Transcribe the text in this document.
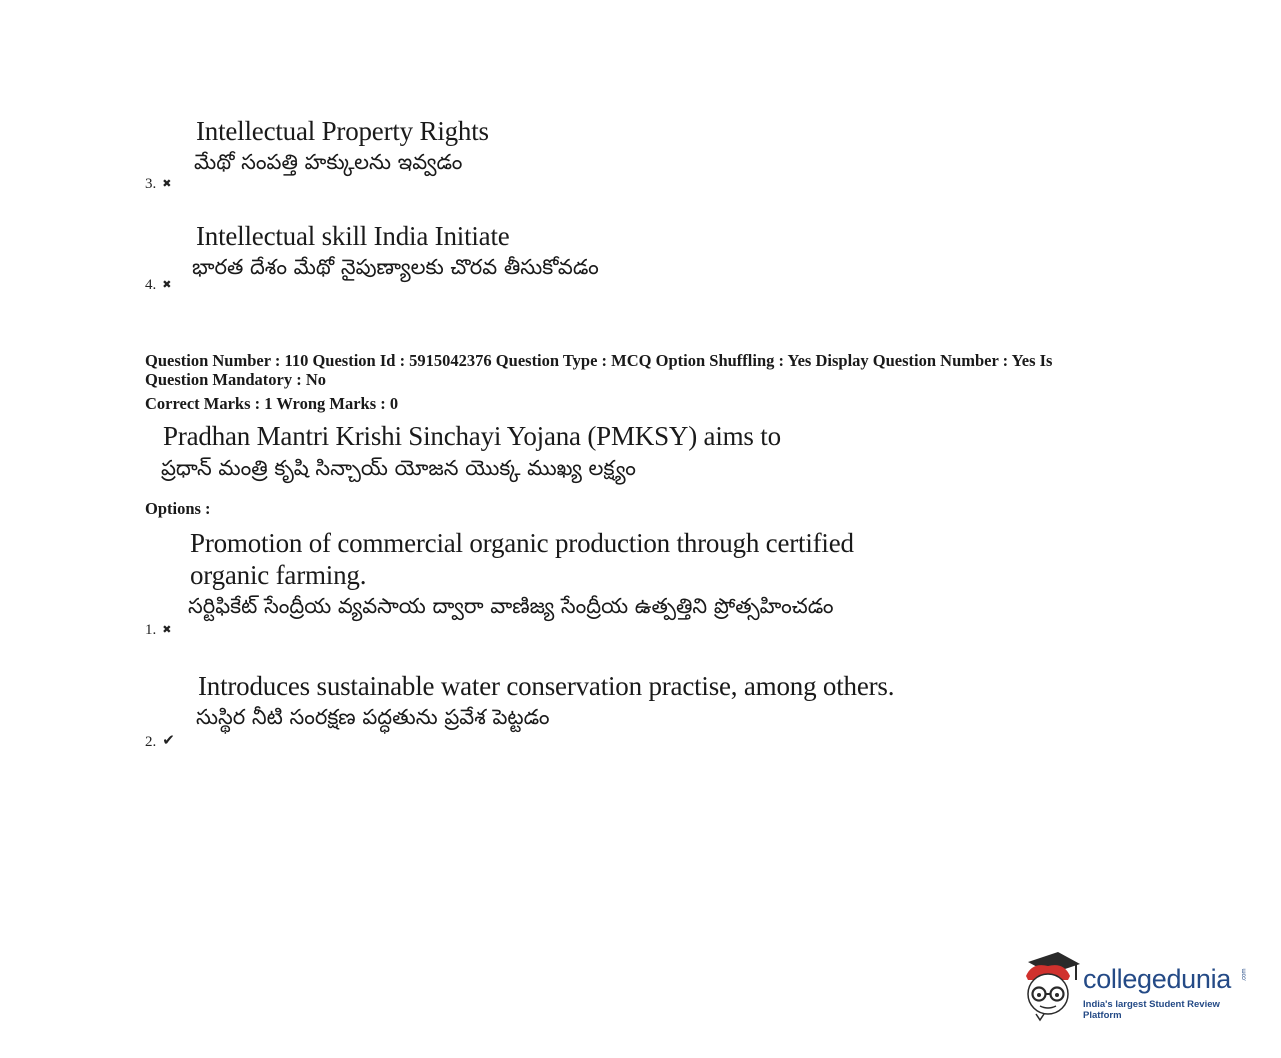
Intellectual Property Rights
మేథో సంపత్తి హక్కులను ఇవ్వడం
3. ✖
Intellectual skill India Initiate
భారత దేశం మేథో నైపుణ్యాలకు చొరవ తీసుకోవడం
4. ✖
Question Number : 110 Question Id : 5915042376 Question Type : MCQ Option Shuffling : Yes Display Question Number : Yes Is
Question Mandatory : No
Correct Marks : 1 Wrong Marks : 0
Pradhan Mantri Krishi Sinchayi Yojana (PMKSY) aims to
ప్రధాన్ మంత్రి కృషి సిన్చాయ్ యోజన యొక్క ముఖ్య లక్ష్యం
Options :
Promotion of commercial organic production through certified
organic farming.
సర్టిఫికేట్ సేంద్రీయ వ్యవసాయ ద్వారా వాణిజ్య సేంద్రీయ ఉత్పత్తిని ప్రోత్సహించడం
1. ✖
Introduces sustainable water conservation practise, among others.
సుస్థిర నీటి సంరక్షణ పద్ధతును ప్రవేశ పెట్టడం
2. ✔
collegedunia .com
India's largest Student Review Platform
